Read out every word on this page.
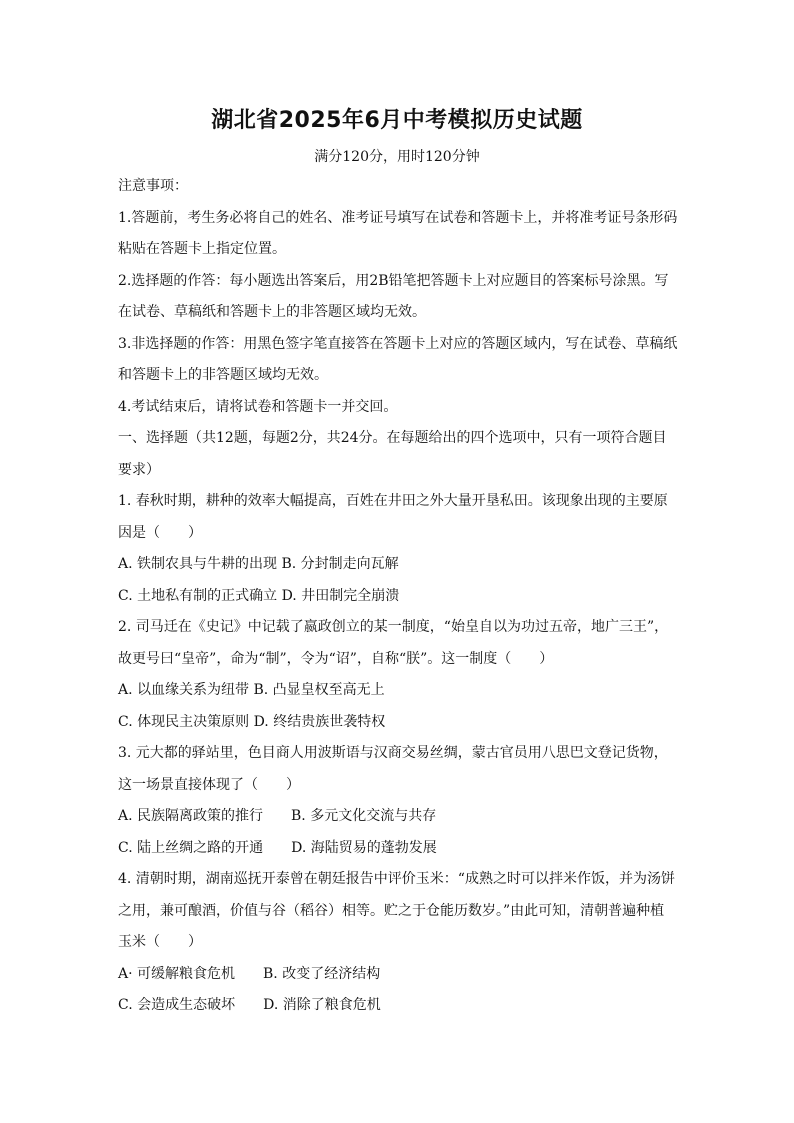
湖北省2025年6月中考模拟历史试题
满分120分，用时120分钟
注意事项：
1.答题前，考生务必将自己的姓名、准考证号填写在试卷和答题卡上，并将准考证号条形码
粘贴在答题卡上指定位置。
2.选择题的作答：每小题选出答案后，用2B铅笔把答题卡上对应题目的答案标号涂黑。写
在试卷、草稿纸和答题卡上的非答题区域均无效。
3.非选择题的作答：用黑色签字笔直接答在答题卡上对应的答题区域内，写在试卷、草稿纸
和答题卡上的非答题区域均无效。
4.考试结束后，请将试卷和答题卡一并交回。
一、选择题（共12题，每题2分，共24分。在每题给出的四个选项中，只有一项符合题目
要求）
1. 春秋时期，耕种的效率大幅提高，百姓在井田之外大量开垦私田。该现象出现的主要原
因是（　　）
A. 铁制农具与牛耕的出现 B. 分封制走向瓦解
C. 土地私有制的正式确立 D. 井田制完全崩溃
2. 司马迁在《史记》中记载了嬴政创立的某一制度，“始皇自以为功过五帝，地广三王”，
故更号曰“皇帝”，命为“制”，令为“诏”，自称“朕”。这一制度（　　）
A. 以血缘关系为纽带 B. 凸显皇权至高无上
C. 体现民主决策原则 D. 终结贵族世袭特权
3. 元大都的驿站里，色目商人用波斯语与汉商交易丝绸，蒙古官员用八思巴文登记货物，
这一场景直接体现了（　　）
A. 民族隔离政策的推行　　B. 多元文化交流与共存
C. 陆上丝绸之路的开通　　D. 海陆贸易的蓬勃发展
4. 清朝时期，湖南巡抚开泰曾在朝廷报告中评价玉米：“成熟之时可以拌米作饭，并为汤饼
之用，兼可酿酒，价值与谷（稻谷）相等。贮之于仓能历数岁。”由此可知，清朝普遍种植
玉米（　　）
A· 可缓解粮食危机　　B. 改变了经济结构
C. 会造成生态破坏　　D. 消除了粮食危机
